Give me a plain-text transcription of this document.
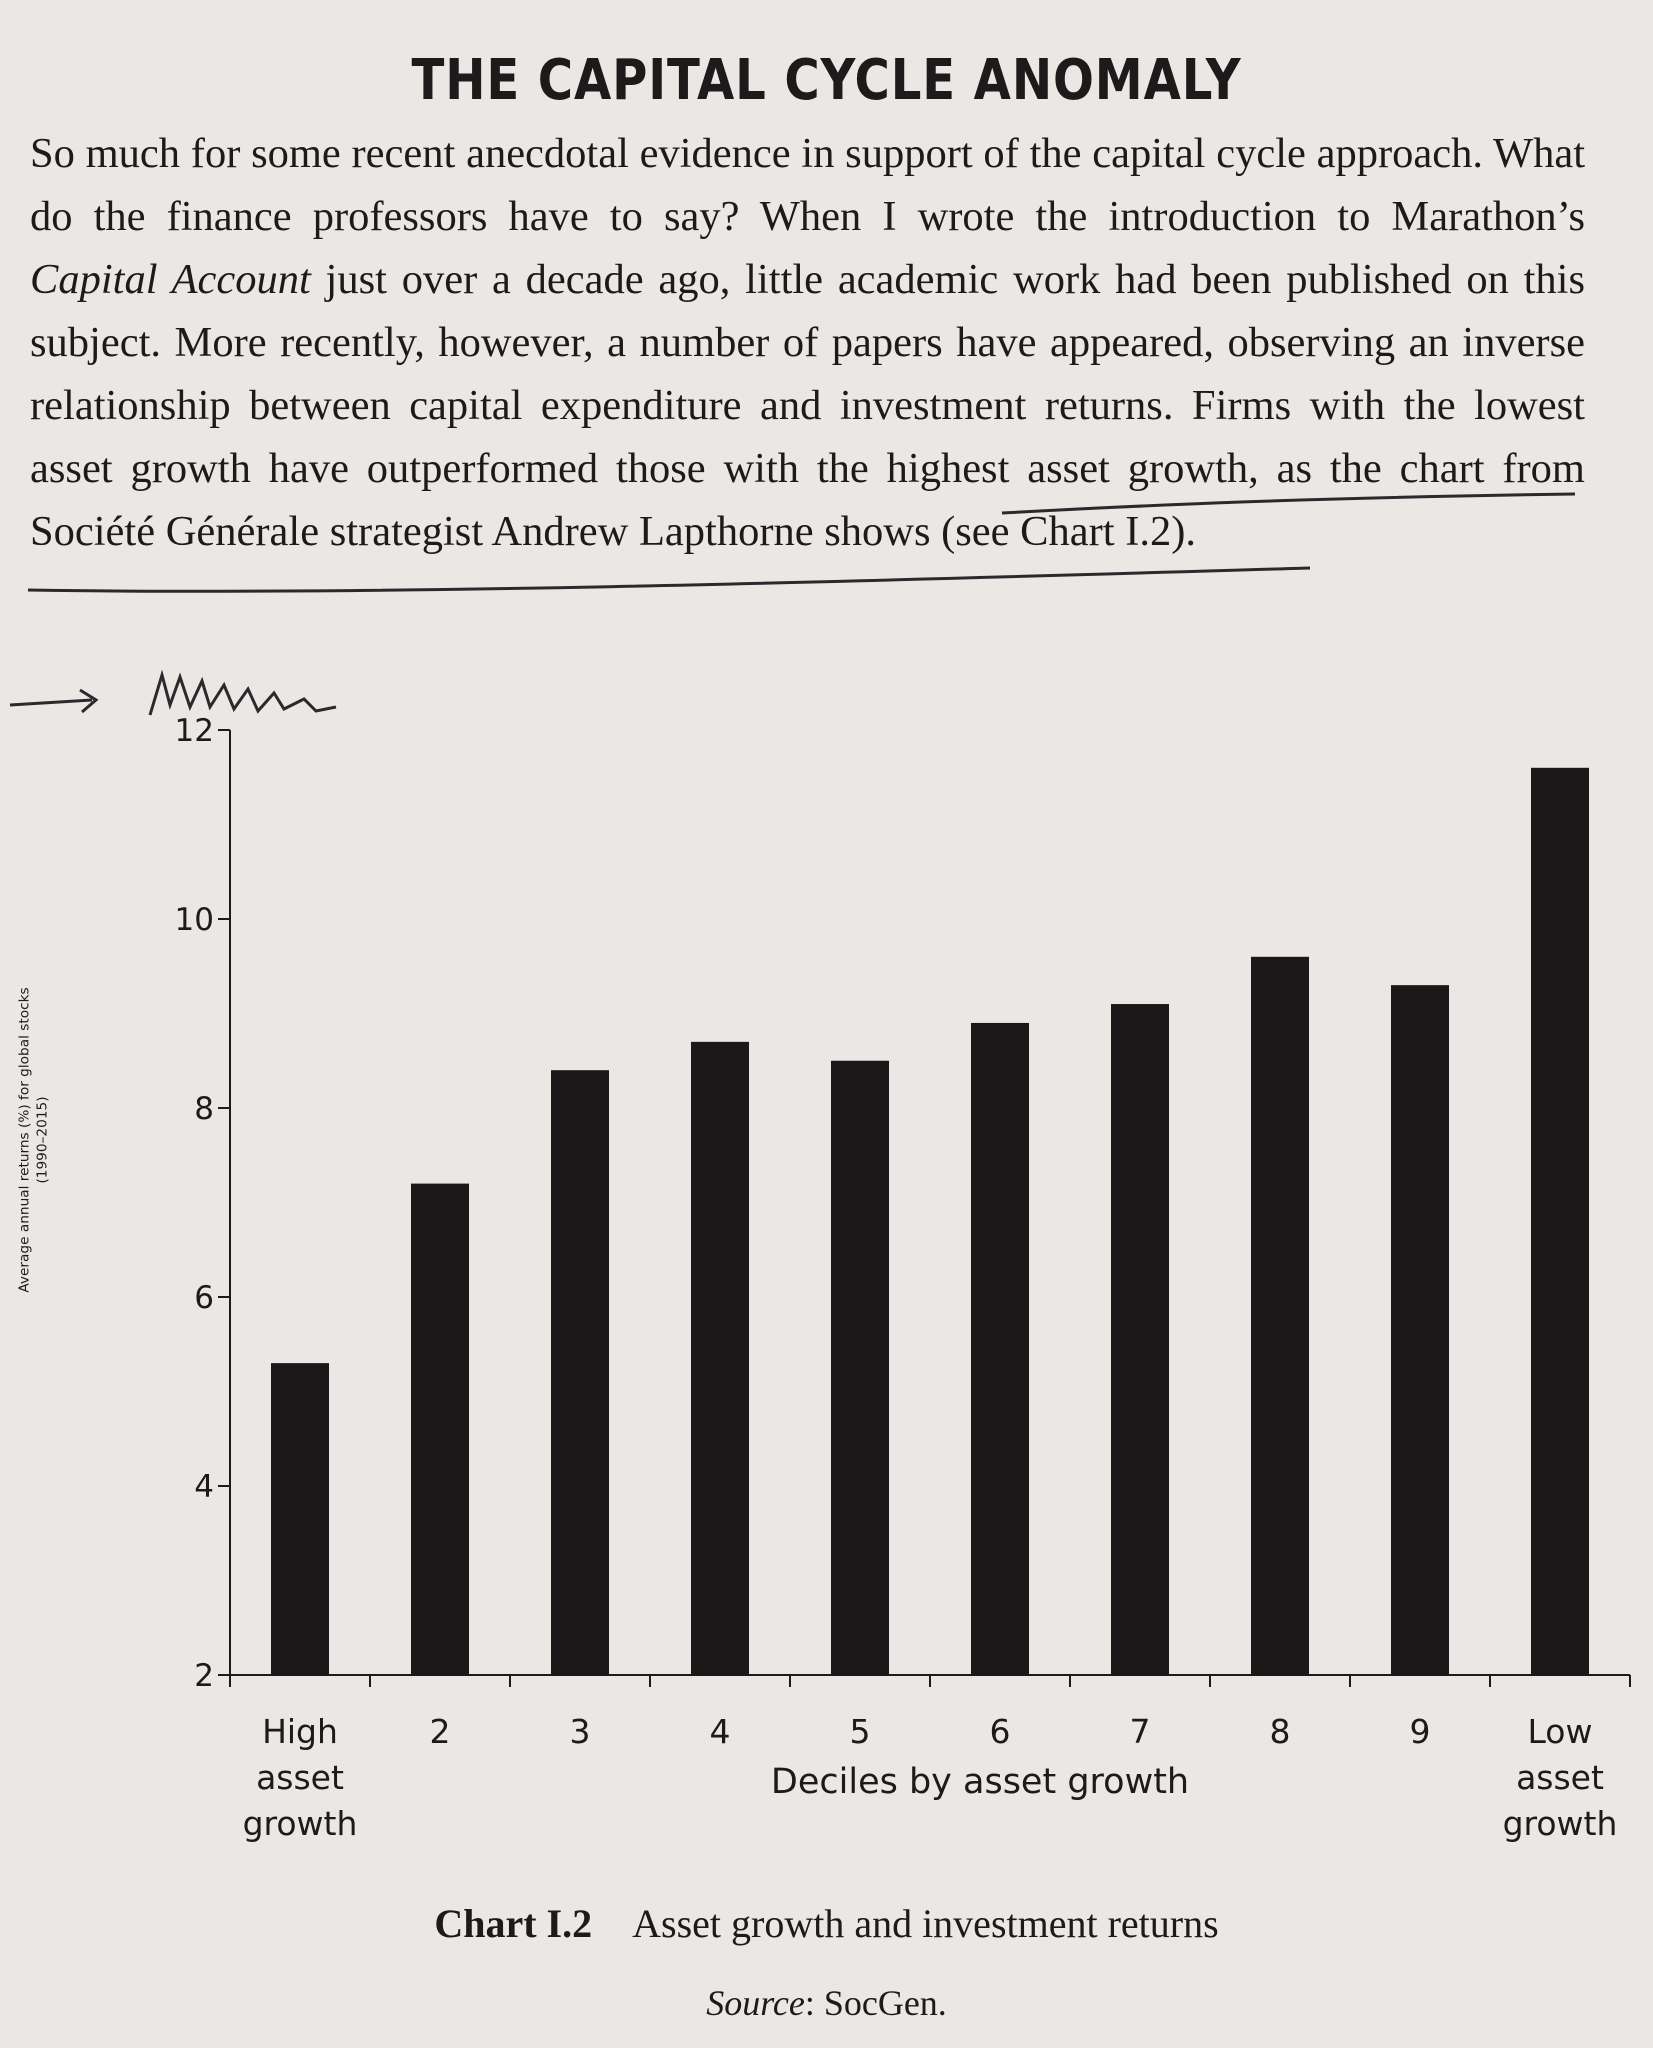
THE CAPITAL CYCLE ANOMALY
So much for some recent anecdotal evidence in support of the capital cycle approach. What do the finance professors have to say? When I wrote the introduction to Marathon’s Capital Account just over a decade ago, little academic work had been published on this subject. More recently, however, a number of papers have appeared, observing an inverse relationship between capital expenditure and investment returns. Firms with the lowest asset growth have outperformed those with the highest asset growth, as the chart from Société Générale strategist Andrew Lapthorne shows (see Chart I.2).
2
4
6
8
10
12
High asset growth
2	3	4	5	6	7	8	9	Low asset growth
Deciles by asset growth
Average annual returns (%) for global stocks(1990–2015)
Chart I.2 Asset growth and investment returns
Source: SocGen.
